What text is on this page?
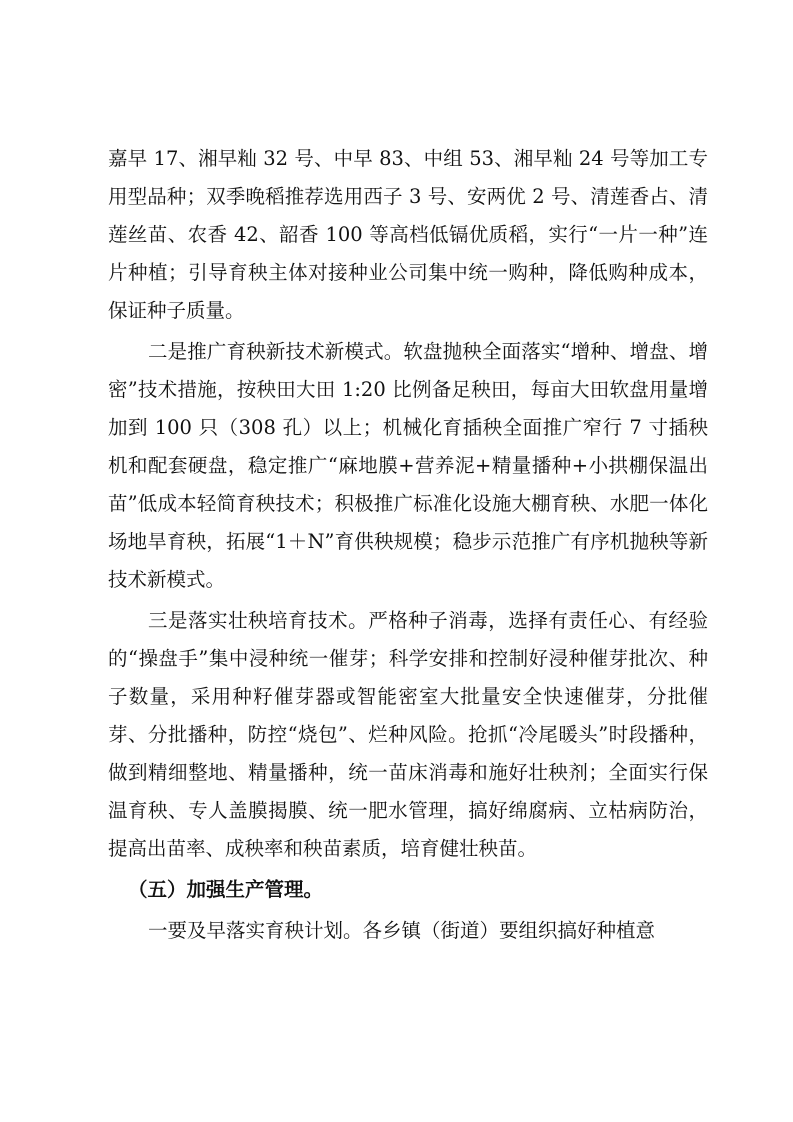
嘉早 17、湘早籼 32 号、中早 83、中组 53、湘早籼 24 号等加工专用型品种；双季晚稻推荐选用西子 3 号、安两优 2 号、清莲香占、清莲丝苗、农香 42、韶香 100 等高档低镉优质稻，实行“一片一种”连片种植；引导育秧主体对接种业公司集中统一购种，降低购种成本，保证种子质量。

二是推广育秧新技术新模式。软盘抛秧全面落实“增种、增盘、增密”技术措施，按秧田大田 1:20 比例备足秧田，每亩大田软盘用量增加到 100 只（308 孔）以上；机械化育插秧全面推广窄行 7 寸插秧机和配套硬盘，稳定推广“麻地膜+营养泥+精量播种+小拱棚保温出苗”低成本轻简育秧技术；积极推广标准化设施大棚育秧、水肥一体化场地旱育秧，拓展“1＋N”育供秧规模；稳步示范推广有序机抛秧等新技术新模式。

三是落实壮秧培育技术。严格种子消毒，选择有责任心、有经验的“操盘手”集中浸种统一催芽；科学安排和控制好浸种催芽批次、种子数量，采用种籽催芽器或智能密室大批量安全快速催芽，分批催芽、分批播种，防控“烧包”、烂种风险。抢抓“冷尾暖头”时段播种，做到精细整地、精量播种，统一苗床消毒和施好壮秧剂；全面实行保温育秧、专人盖膜揭膜、统一肥水管理，搞好绵腐病、立枯病防治，提高出苗率、成秧率和秧苗素质，培育健壮秧苗。

（五）加强生产管理。

一要及早落实育秧计划。各乡镇（街道）要组织搞好种植意
